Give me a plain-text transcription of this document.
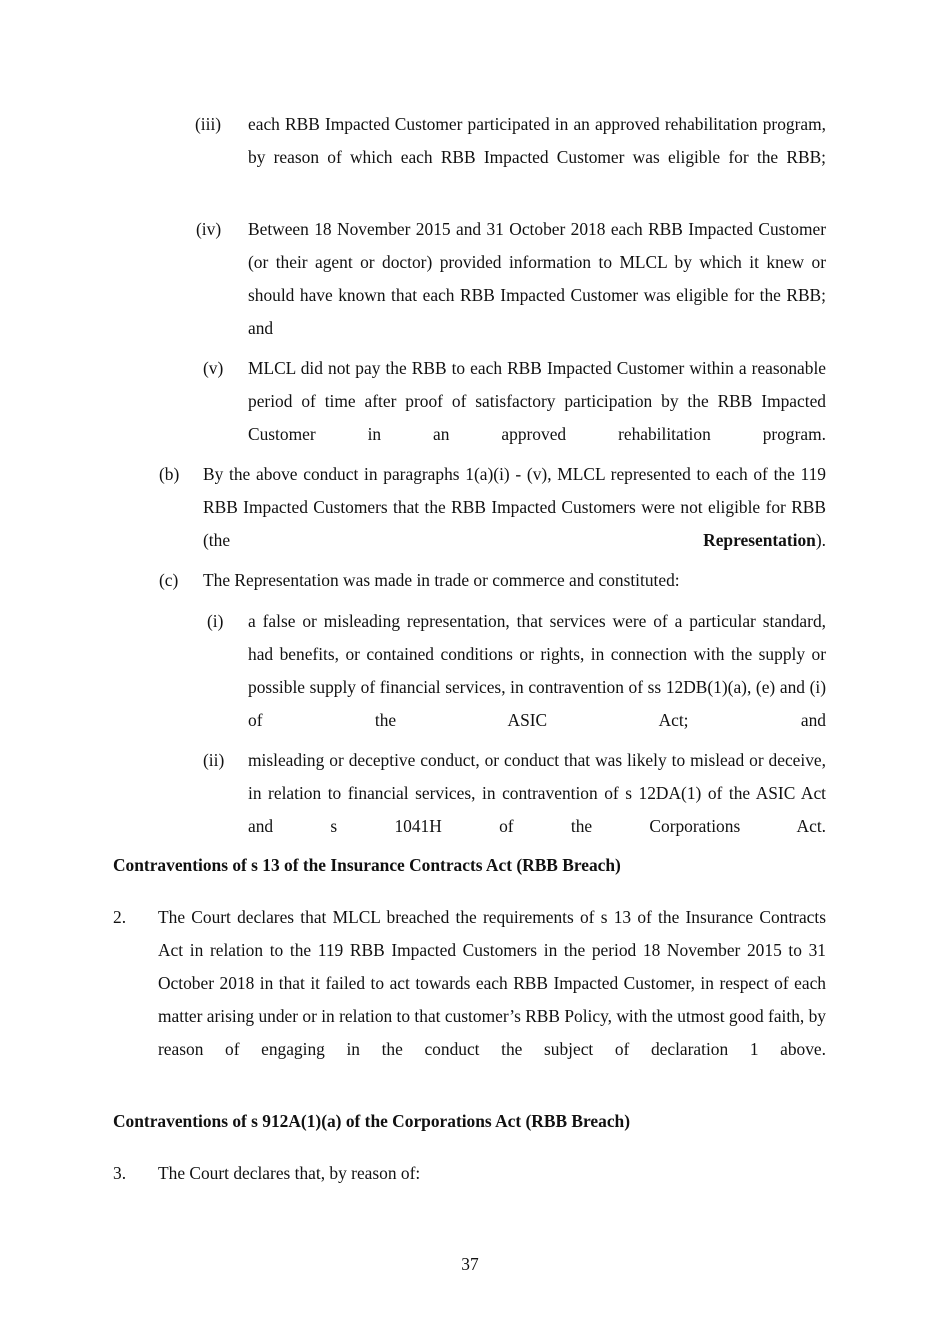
(iii) each RBB Impacted Customer participated in an approved rehabilitation program, by reason of which each RBB Impacted Customer was eligible for the RBB;

(iv) Between 18 November 2015 and 31 October 2018 each RBB Impacted Customer (or their agent or doctor) provided information to MLCL by which it knew or should have known that each RBB Impacted Customer was eligible for the RBB; and

(v) MLCL did not pay the RBB to each RBB Impacted Customer within a reasonable period of time after proof of satisfactory participation by the RBB Impacted Customer in an approved rehabilitation program.

(b) By the above conduct in paragraphs 1(a)(i) - (v), MLCL represented to each of the 119 RBB Impacted Customers that the RBB Impacted Customers were not eligible for RBB (the Representation).

(c) The Representation was made in trade or commerce and constituted:

(i) a false or misleading representation, that services were of a particular standard, had benefits, or contained conditions or rights, in connection with the supply or possible supply of financial services, in contravention of ss 12DB(1)(a), (e) and (i) of the ASIC Act; and

(ii) misleading or deceptive conduct, or conduct that was likely to mislead or deceive, in relation to financial services, in contravention of s 12DA(1) of the ASIC Act and s 1041H of the Corporations Act.

Contraventions of s 13 of the Insurance Contracts Act (RBB Breach)
2. The Court declares that MLCL breached the requirements of s 13 of the Insurance Contracts Act in relation to the 119 RBB Impacted Customers in the period 18 November 2015 to 31 October 2018 in that it failed to act towards each RBB Impacted Customer, in respect of each matter arising under or in relation to that customer’s RBB Policy, with the utmost good faith, by reason of engaging in the conduct the subject of declaration 1 above.

Contraventions of s 912A(1)(a) of the Corporations Act (RBB Breach)
3. The Court declares that, by reason of:

37
